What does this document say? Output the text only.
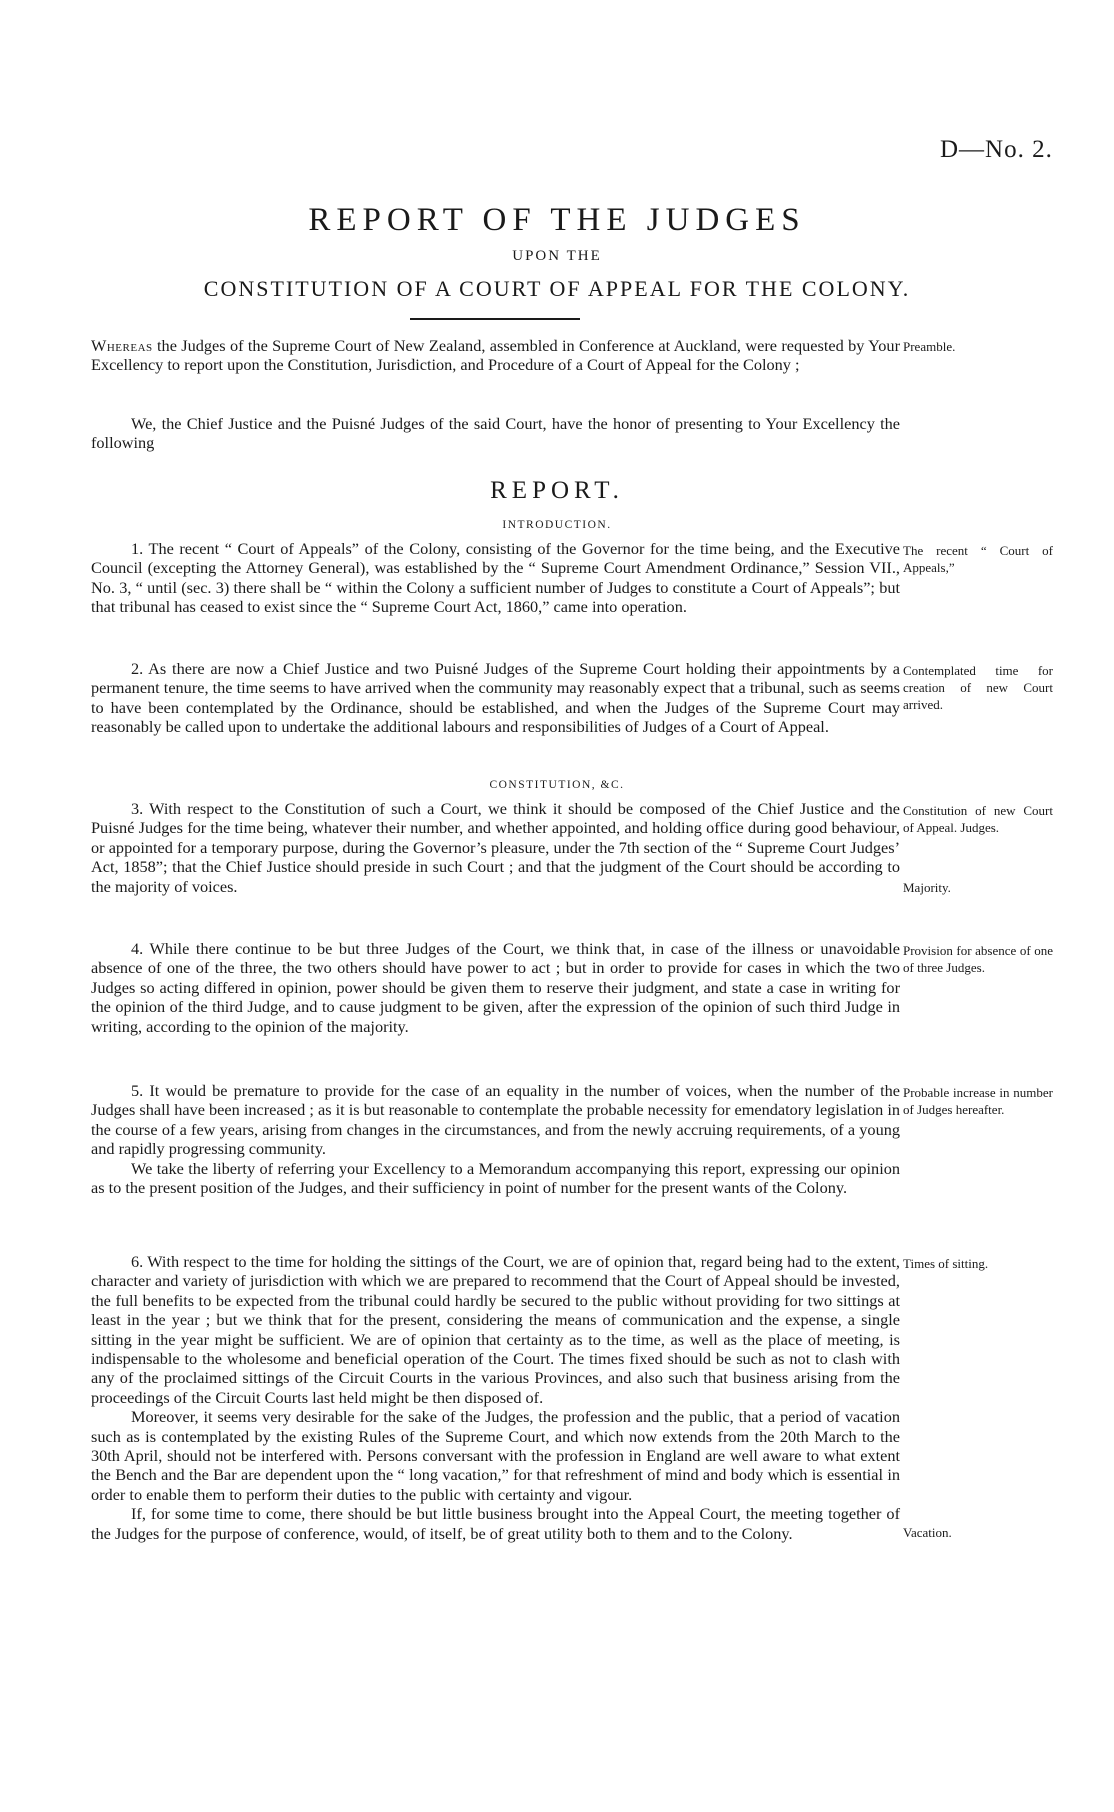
D—No. 2.
REPORT OF THE JUDGES
UPON THE
CONSTITUTION OF A COURT OF APPEAL FOR THE COLONY.

Whereas the Judges of the Supreme Court of New Zealand, assembled in Conference at Auckland, were requested by Your Excellency to report upon the Constitution, Jurisdiction, and Procedure of a Court of Appeal for the Colony ;

Preamble.

We, the Chief Justice and the Puisné Judges of the said Court, have the honor of presenting to Your Excellency the following

REPORT.
INTRODUCTION.

1. The recent “ Court of Appeals” of the Colony, consisting of the Governor for the time being, and the Executive Council (excepting the Attorney General), was established by the “ Supreme Court Amendment Ordinance,” Session VII., No. 3, “ until (sec. 3) there shall be “ within the Colony a sufficient number of Judges to constitute a Court of Appeals”; but that tribunal has ceased to exist since the “ Supreme Court Act, 1860,” came into operation.

The recent “ Court of Appeals,”

2. As there are now a Chief Justice and two Puisné Judges of the Supreme Court holding their appointments by a permanent tenure, the time seems to have arrived when the community may reasonably expect that a tribunal, such as seems to have been contemplated by the Ordinance, should be established, and when the Judges of the Supreme Court may reasonably be called upon to undertake the additional labours and responsibilities of Judges of a Court of Appeal.

Contemplated time for creation of new Court arrived.
CONSTITUTION, &C.

3. With respect to the Constitution of such a Court, we think it should be composed of the Chief Justice and the Puisné Judges for the time being, whatever their number, and whether appointed, and holding office during good behaviour, or appointed for a temporary purpose, during the Governor’s pleasure, under the 7th section of the “ Supreme Court Judges’ Act, 1858”; that the Chief Justice should preside in such Court ; and that the judgment of the Court should be according to the majority of voices.

Constitution of new Court of Appeal. Judges.
Majority.

4. While there continue to be but three Judges of the Court, we think that, in case of the illness or unavoidable absence of one of the three, the two others should have power to act ; but in order to provide for cases in which the two Judges so acting differed in opinion, power should be given them to reserve their judgment, and state a case in writing for the opinion of the third Judge, and to cause judgment to be given, after the expression of the opinion of such third Judge in writing, according to the opinion of the majority.

Provision for absence of one of three Judges.

5. It would be premature to provide for the case of an equality in the number of voices, when the number of the Judges shall have been increased ; as it is but reasonable to contemplate the probable necessity for emendatory legislation in the course of a few years, arising from changes in the circumstances, and from the newly accruing requirements, of a young and rapidly progressing community.

We take the liberty of referring your Excellency to a Memorandum accompanying this report, expressing our opinion as to the present position of the Judges, and their sufficiency in point of number for the present wants of the Colony.

Probable increase in number of Judges hereafter.

6. With respect to the time for holding the sittings of the Court, we are of opinion that, regard being had to the extent, character and variety of jurisdiction with which we are prepared to recommend that the Court of Appeal should be invested, the full benefits to be expected from the tribunal could hardly be secured to the public without providing for two sittings at least in the year ; but we think that for the present, considering the means of communication and the expense, a single sitting in the year might be sufficient. We are of opinion that certainty as to the time, as well as the place of meeting, is indispensable to the wholesome and beneficial operation of the Court. The times fixed should be such as not to clash with any of the proclaimed sittings of the Circuit Courts in the various Provinces, and also such that business arising from the proceedings of the Circuit Courts last held might be then disposed of.

Moreover, it seems very desirable for the sake of the Judges, the profession and the public, that a period of vacation such as is contemplated by the existing Rules of the Supreme Court, and which now extends from the 20th March to the 30th April, should not be interfered with. Persons conversant with the profession in England are well aware to what extent the Bench and the Bar are dependent upon the “ long vacation,” for that refreshment of mind and body which is essential in order to enable them to perform their duties to the public with certainty and vigour.

If, for some time to come, there should be but little business brought into the Appeal Court, the meeting together of the Judges for the purpose of conference, would, of itself, be of great utility both to them and to the Colony.

Times of sitting.
Vacation.
